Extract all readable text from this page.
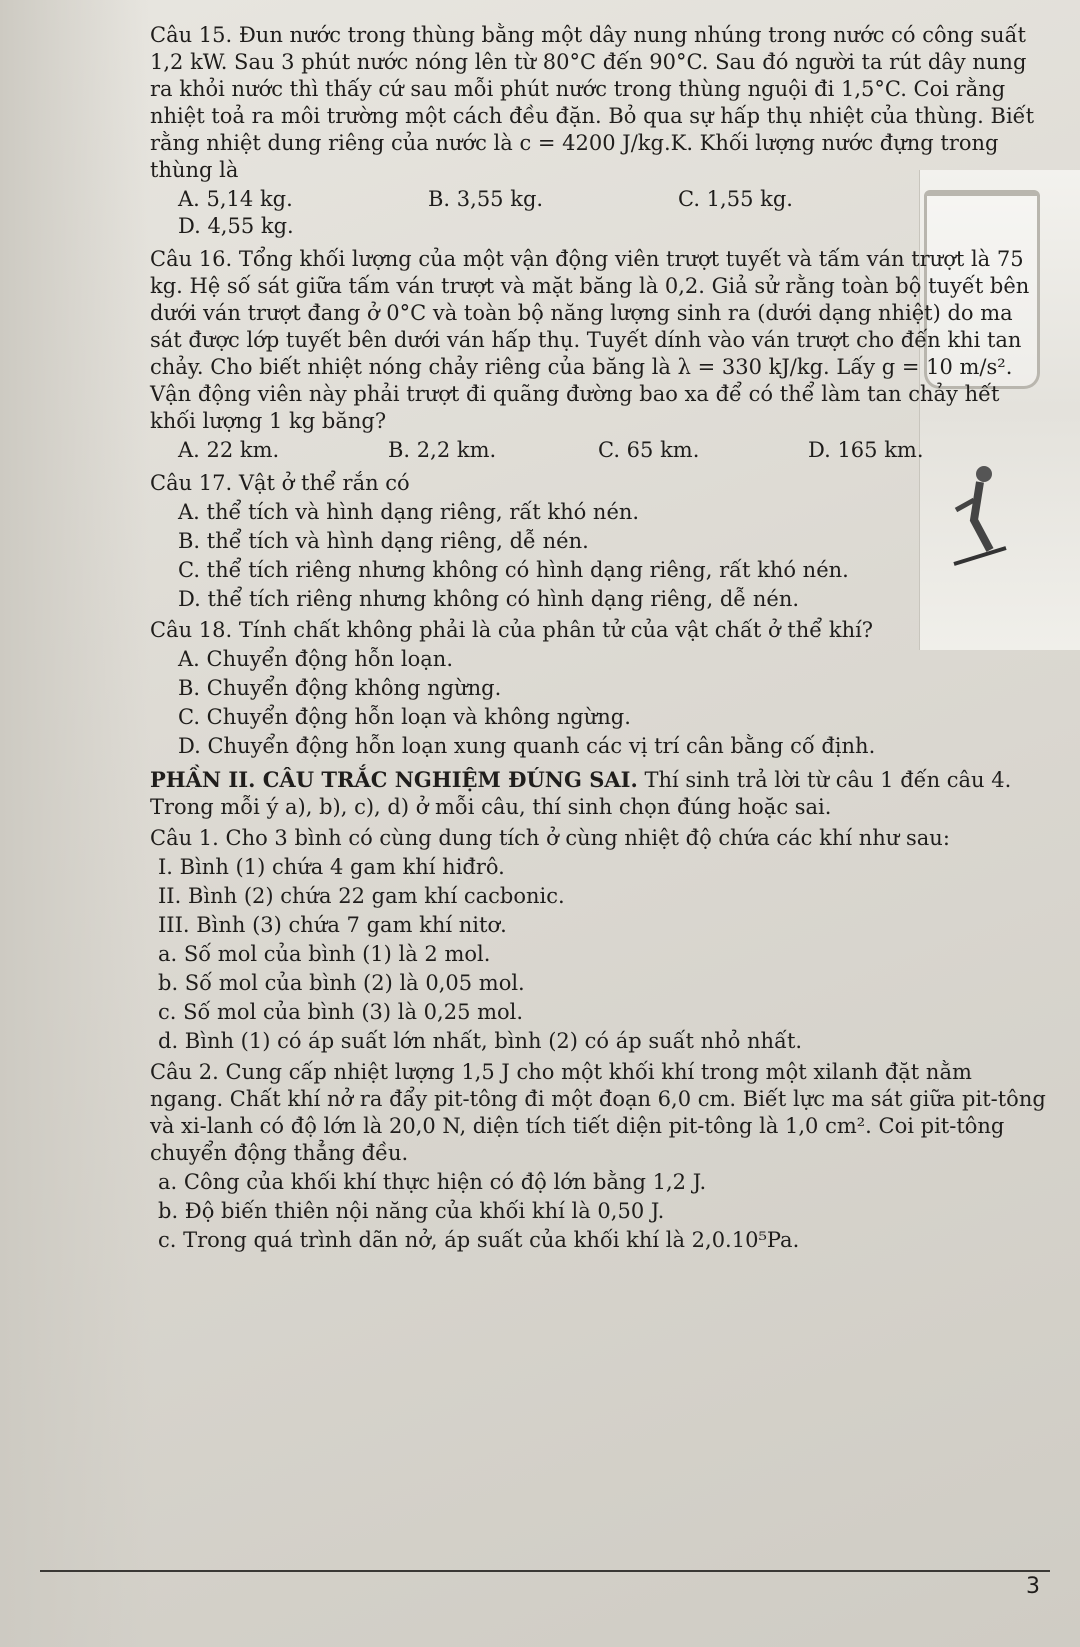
Câu 15. Đun nước trong thùng bằng một dây nung nhúng trong nước có công suất 1,2 kW. Sau 3 phút nước nóng lên từ 80°C đến 90°C. Sau đó người ta rút dây nung ra khỏi nước thì thấy cứ sau mỗi phút nước trong thùng nguội đi 1,5°C. Coi rằng nhiệt toả ra môi trường một cách đều đặn. Bỏ qua sự hấp thụ nhiệt của thùng. Biết rằng nhiệt dung riêng của nước là c = 4200 J/kg.K. Khối lượng nước đựng trong thùng là
A. 5,14 kg.	B. 3,55 kg.	C. 1,55 kg.
D. 4,55 kg.
Câu 16. Tổng khối lượng của một vận động viên trượt tuyết và tấm ván trượt là 75 kg. Hệ số sát giữa tấm ván trượt và mặt băng là 0,2. Giả sử rằng toàn bộ tuyết bên dưới ván trượt đang ở 0°C và toàn bộ năng lượng sinh ra (dưới dạng nhiệt) do ma sát được lớp tuyết bên dưới ván hấp thụ. Tuyết dính vào ván trượt cho đến khi tan chảy. Cho biết nhiệt nóng chảy riêng của băng là λ = 330 kJ/kg. Lấy g = 10 m/s². Vận động viên này phải trượt đi quãng đường bao xa để có thể làm tan chảy hết khối lượng 1 kg băng?
A. 22 km.	B. 2,2 km.	C. 65 km.	D. 165 km.
Câu 17. Vật ở thể rắn có
A. thể tích và hình dạng riêng, rất khó nén.
B. thể tích và hình dạng riêng, dễ nén.
C. thể tích riêng nhưng không có hình dạng riêng, rất khó nén.
D. thể tích riêng nhưng không có hình dạng riêng, dễ nén.
Câu 18. Tính chất không phải là của phân tử của vật chất ở thể khí?
A. Chuyển động hỗn loạn.
B. Chuyển động không ngừng.
C. Chuyển động hỗn loạn và không ngừng.
D. Chuyển động hỗn loạn xung quanh các vị trí cân bằng cố định.
PHẦN II. CÂU TRẮC NGHIỆM ĐÚNG SAI. Thí sinh trả lời từ câu 1 đến câu 4. Trong mỗi ý a), b), c), d) ở mỗi câu, thí sinh chọn đúng hoặc sai.
Câu 1. Cho 3 bình có cùng dung tích ở cùng nhiệt độ chứa các khí như sau:
I. Bình (1) chứa 4 gam khí hiđrô.
II. Bình (2) chứa 22 gam khí cacbonic.
III. Bình (3) chứa 7 gam khí nitơ.
a. Số mol của bình (1) là 2 mol.
b. Số mol của bình (2) là 0,05 mol.
c. Số mol của bình (3) là 0,25 mol.
d. Bình (1) có áp suất lớn nhất, bình (2) có áp suất nhỏ nhất.
Câu 2. Cung cấp nhiệt lượng 1,5 J cho một khối khí trong một xilanh đặt nằm ngang. Chất khí nở ra đẩy pit-tông đi một đoạn 6,0 cm. Biết lực ma sát giữa pit-tông và xi-lanh có độ lớn là 20,0 N, diện tích tiết diện pit-tông là 1,0 cm². Coi pit-tông chuyển động thẳng đều.
a. Công của khối khí thực hiện có độ lớn bằng 1,2 J.
b. Độ biến thiên nội năng của khối khí là 0,50 J.
c. Trong quá trình dãn nở, áp suất của khối khí là 2,0.10⁵Pa.
3
